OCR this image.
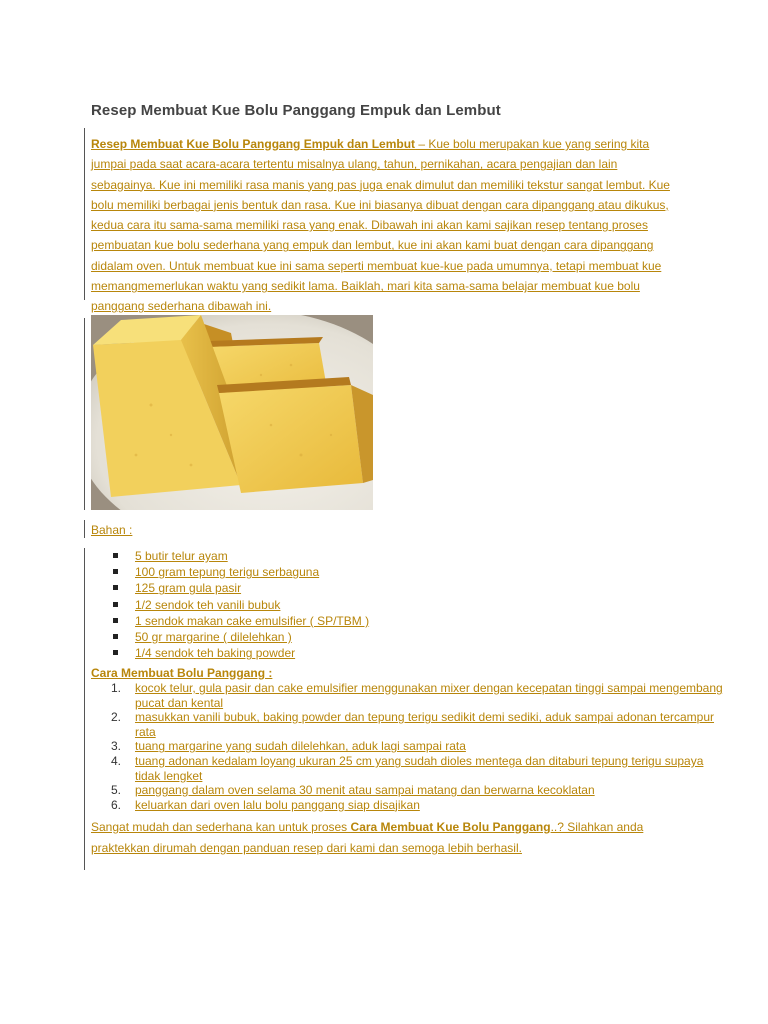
Resep Membuat Kue Bolu Panggang Empuk dan Lembut
Resep Membuat Kue Bolu Panggang Empuk dan Lembut – Kue bolu merupakan kue yang sering kita jumpai pada saat acara-acara tertentu misalnya ulang, tahun, pernikahan, acara pengajian dan lain sebagainya. Kue ini memiliki rasa manis yang pas juga enak dimulut dan memiliki tekstur sangat lembut. Kue bolu memiliki berbagai jenis bentuk dan rasa. Kue ini biasanya dibuat dengan cara dipanggang atau dikukus, kedua cara itu sama-sama memiliki rasa yang enak. Dibawah ini akan kami sajikan resep tentang proses pembuatan kue bolu sederhana yang empuk dan lembut, kue ini akan kami buat dengan cara dipanggang didalam oven. Untuk membuat kue ini sama seperti membuat kue-kue pada umumnya, tetapi membuat kue memangmemerlukan waktu yang sedikit lama. Baiklah, mari kita sama-sama belajar membuat kue bolu panggang sederhana dibawah ini.
Bahan :
5 butir telur ayam
100 gram tepung terigu serbaguna
125 gram gula pasir
1/2 sendok teh vanili bubuk
1 sendok makan cake emulsifier ( SP/TBM )
50 gr margarine ( dilelehkan )
1/4 sendok teh baking powder
Cara Membuat Bolu Panggang :
1. kocok telur, gula pasir dan cake emulsifier menggunakan mixer dengan kecepatan tinggi sampai mengembang pucat dan kental
2. masukkan vanili bubuk, baking powder dan tepung terigu sedikit demi sediki, aduk sampai adonan tercampur rata
3. tuang margarine yang sudah dilelehkan, aduk lagi sampai rata
4. tuang adonan kedalam loyang ukuran 25 cm yang sudah dioles mentega dan ditaburi tepung terigu supaya tidak lengket
5. panggang dalam oven selama 30 menit atau sampai matang dan berwarna kecoklatan
6. keluarkan dari oven lalu bolu panggang siap disajikan
Sangat mudah dan sederhana kan untuk proses Cara Membuat Kue Bolu Panggang..? Silahkan anda praktekkan dirumah dengan panduan resep dari kami dan semoga lebih berhasil.
